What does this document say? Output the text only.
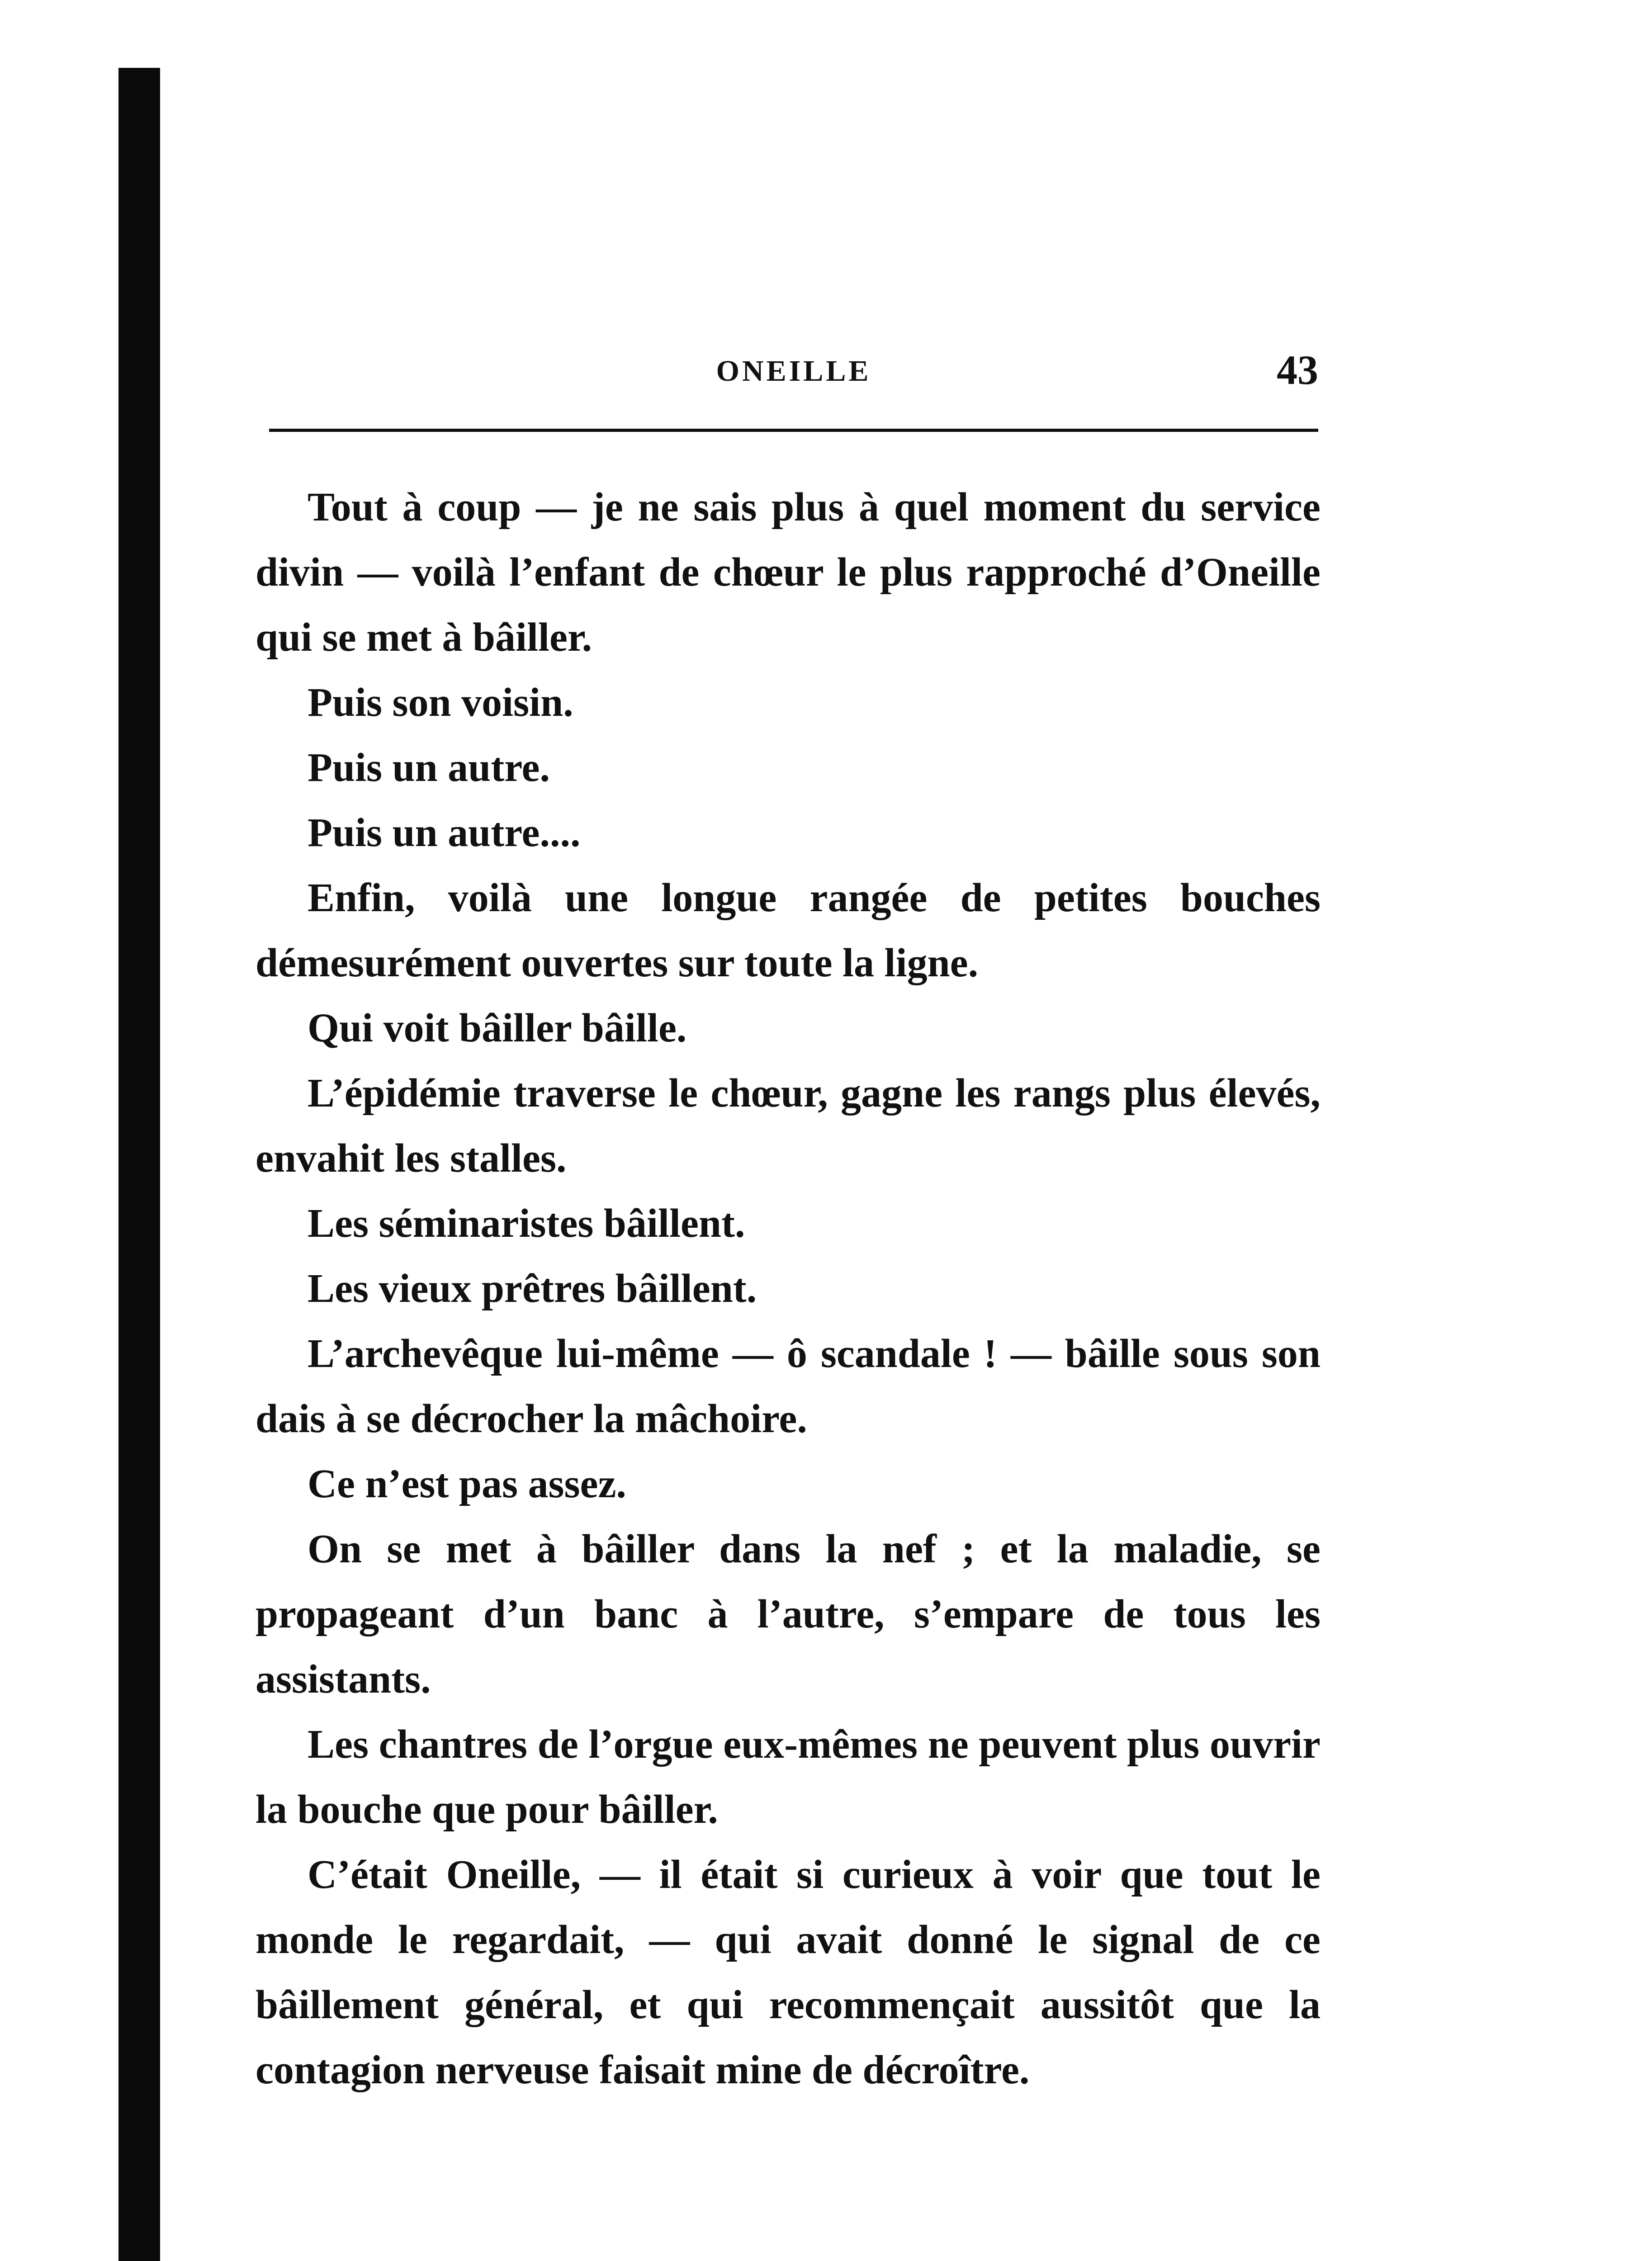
ONEILLE	43

Tout à coup — je ne sais plus à quel moment du service divin — voilà l’enfant de chœur le plus rapproché d’Oneille qui se met à bâiller.

Puis son voisin.

Puis un autre.

Puis un autre....

Enfin, voilà une longue rangée de petites bouches démesurément ouvertes sur toute la ligne.

Qui voit bâiller bâille.

L’épidémie traverse le chœur, gagne les rangs plus élevés, envahit les stalles.

Les séminaristes bâillent.

Les vieux prêtres bâillent.

L’archevêque lui-même — ô scandale ! — bâille sous son dais à se décrocher la mâchoire.

Ce n’est pas assez.

On se met à bâiller dans la nef ; et la maladie, se propageant d’un banc à l’autre, s’empare de tous les assistants.

Les chantres de l’orgue eux-mêmes ne peuvent plus ouvrir la bouche que pour bâiller.

C’était Oneille, — il était si curieux à voir que tout le monde le regardait, — qui avait donné le signal de ce bâillement général, et qui recommençait aussitôt que la contagion nerveuse faisait mine de décroître.
